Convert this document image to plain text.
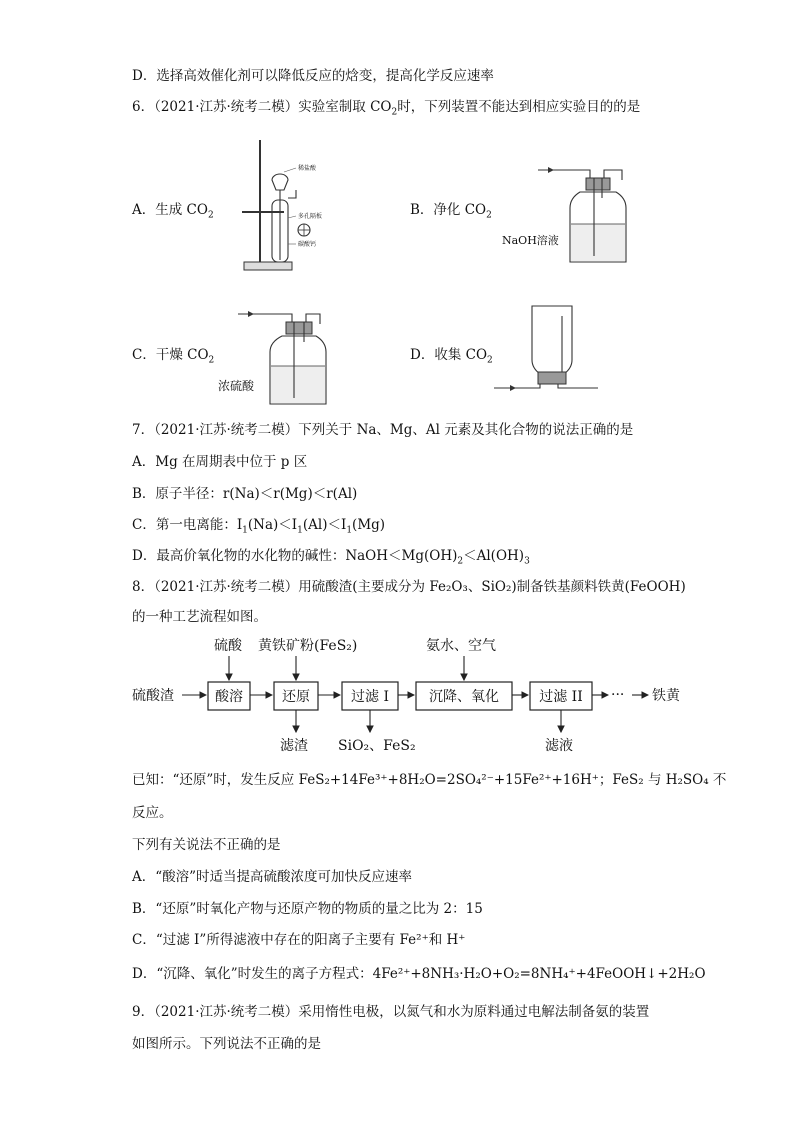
D．选择高效催化剂可以降低反应的焓变，提高化学反应速率
6．（2021·江苏·统考二模）实验室制取 $CO_2$时，下列装置不能达到相应实验目的的是
A．生成 $CO_2$	B．净化 $CO_2$
C．干燥 $CO_2$	D．收集 $CO_2$
稀盐酸
多孔隔板
碳酸钙	NaOH溶液
浓硫酸
7．（2021·江苏·统考二模）下列关于 Na、Mg、Al 元素及其化合物的说法正确的是
A．Mg 在周期表中位于 p 区
B．原子半径：r(Na)＜r(Mg)＜r(Al)
C．第一电离能：$I_1(Na)<I_1(Al)<I_1(Mg)$
D．最高价氧化物的水化物的碱性：$NaOH<Mg(OH)_2<Al(OH)_3$
8．（2021·江苏·统考二模）用硫酸渣(主要成分为 Fe₂O₃、SiO₂)制备铁基颜料铁黄(FeOOH)
的一种工艺流程如图。
硫酸渣	酸溶	还原	过滤 I	沉降、氧化	过滤 II ··· 铁黄
硫酸 黄铁矿粉(FeS₂)	氨水、空气
滤渣 SiO₂、FeS₂	滤液
已知：“还原”时，发生反应 FeS₂+14Fe³⁺+8H₂O=2SO₄²⁻+15Fe²⁺+16H⁺；FeS₂ 与 H₂SO₄ 不
反应。
下列有关说法不正确的是
A．“酸溶”时适当提高硫酸浓度可加快反应速率
B．“还原”时氧化产物与还原产物的物质的量之比为 2：15
C．“过滤 I”所得滤液中存在的阳离子主要有 Fe²⁺和 H⁺
D．“沉降、氧化”时发生的离子方程式：4Fe²⁺+8NH₃·H₂O+O₂=8NH₄⁺+4FeOOH↓+2H₂O
9．（2021·江苏·统考二模）采用惰性电极，以氮气和水为原料通过电解法制备氨的装置
如图所示。下列说法不正确的是
